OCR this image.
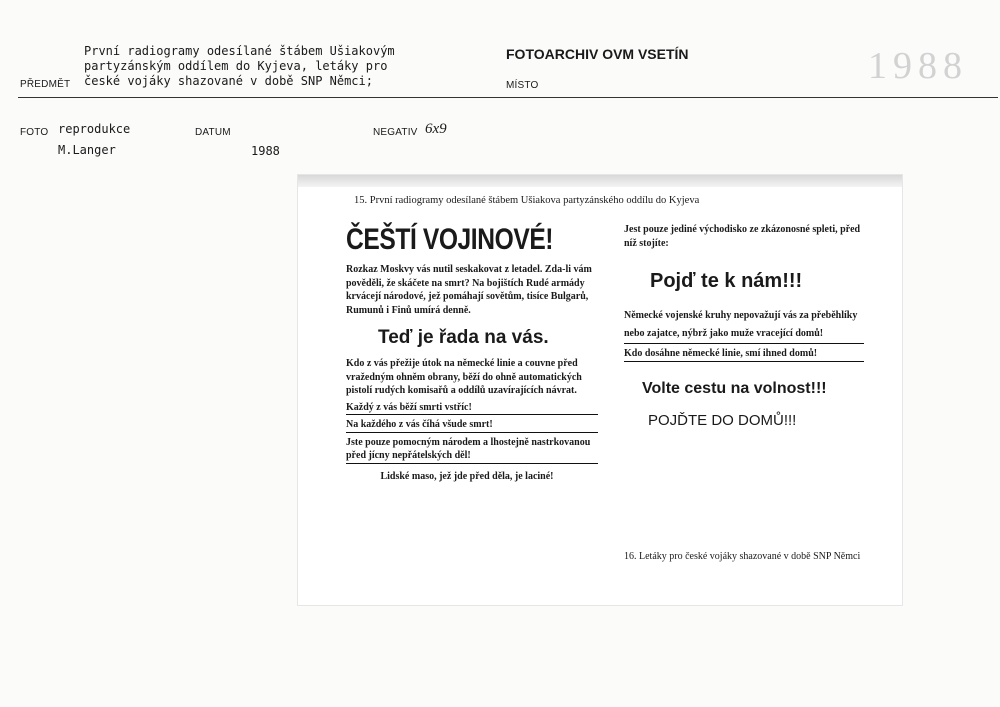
První radiogramy odesílané štábem Ušiakovým
partyzánským oddílem do Kyjeva, letáky pro
české vojáky shazované v době SNP Němci;
PŘEDMĚT
FOTOARCHIV OVM VSETÍN
MÍSTO	1988
FOTO reprodukce
M.Langer
DATUM
1988
NEGATIV 6x9
15. První radiogramy odesílané štábem Ušiakova partyzánského oddílu do Kyjeva
ČEŠTÍ VOJINOVÉ!
Rozkaz Moskvy vás nutil seskakovat z letadel. Zda-li vám pověděli, že skáčete na smrt? Na bojištích Rudé armády krvácejí národové, jež pomáhají sovětům, tisíce Bulgarů, Rumunů i Finů umírá denně.
Teď je řada na vás.
Kdo z vás přežije útok na německé linie a couvne před vražedným ohněm obrany, běží do ohně automatických pistolí rudých komisařů a oddílů uzavírajících návrat.
Každý z vás běží smrti vstříc!
Na každého z vás číhá všude smrt!
Jste pouze pomocným národem a lhostejně nastrkovanou před jícny nepřátelských děl!
Lidské maso, jež jde před děla, je laciné!
Jest pouze jediné východisko ze zkázonosné spleti, před níž stojíte:
Pojď te k nám!!!
Německé vojenské kruhy nepovažují vás za přeběhlíky nebo zajatce, nýbrž jako muže vracející domů!
Kdo dosáhne německé linie, smí ihned domů!
Volte cestu na volnost!!!
POJĎTE DO DOMŮ!!!
16. Letáky pro české vojáky shazované v době SNP Němci
